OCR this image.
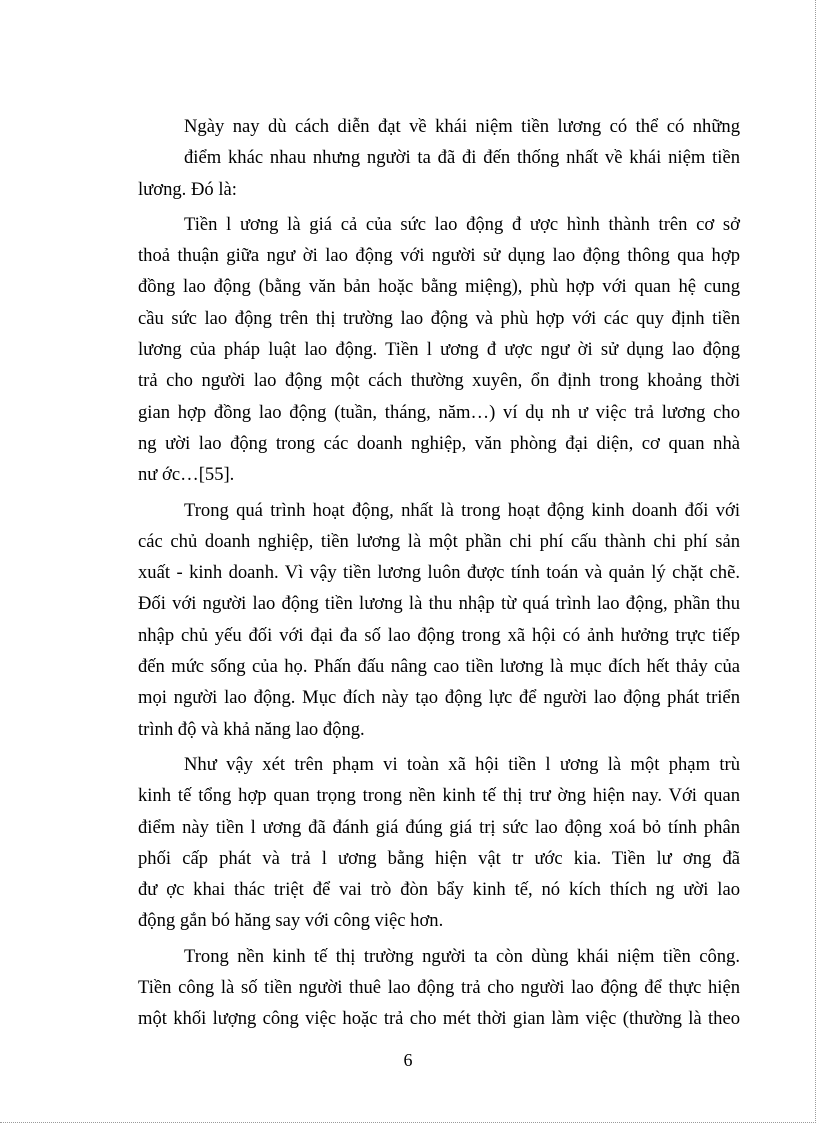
Ngày nay dù cách diễn đạt về khái niệm tiền lương có thể có những
điểm khác nhau nhưng người ta đã đi đến thống nhất về khái niệm tiền
lương. Đó là:

Tiền l ương là giá cả của sức lao động đ ược hình thành trên cơ sở
thoả thuận giữa ngư ời lao động với người sử dụng lao động thông qua hợp
đồng lao động (bằng văn bản hoặc bằng miệng), phù hợp với quan hệ cung
cầu sức lao động trên thị trường lao động và phù hợp với các quy định tiền
lương của pháp luật lao động. Tiền l ương đ ược ngư ời sử dụng lao động
trả cho người lao động một cách thường xuyên, ổn định trong khoảng thời
gian hợp đồng lao động (tuần, tháng, năm…) ví dụ nh ư việc trả lương cho
ng ười lao động trong các doanh nghiệp, văn phòng đại diện, cơ quan nhà
nư ớc…[55].

Trong quá trình hoạt động, nhất là trong hoạt động kinh doanh đối với
các chủ doanh nghiệp, tiền lương là một phần chi phí cấu thành chi phí sản
xuất - kinh doanh. Vì vậy tiền lương luôn được tính toán và quản lý chặt chẽ.
Đối với người lao động tiền lương là thu nhập từ quá trình lao động, phần thu
nhập chủ yếu đối với đại đa số lao động trong xã hội có ảnh hưởng trực tiếp
đến mức sống của họ. Phấn đấu nâng cao tiền lương là mục đích hết thảy của
mọi người lao động. Mục đích này tạo động lực để người lao động phát triển
trình độ và khả năng lao động.

Như vậy xét trên phạm vi toàn xã hội tiền l ương là một phạm trù
kinh tế tổng hợp quan trọng trong nền kinh tế thị trư ờng hiện nay. Với quan
điểm này tiền l ương đã đánh giá đúng giá trị sức lao động xoá bỏ tính phân
phối cấp phát và trả l ương bằng hiện vật tr ước kia. Tiền lư ơng đã
đư ợc khai thác triệt để vai trò đòn bẩy kinh tế, nó kích thích ng ười lao
động gắn bó hăng say với công việc hơn.

Trong nền kinh tế thị trường người ta còn dùng khái niệm tiền công.
Tiền công là số tiền người thuê lao động trả cho người lao động để thực hiện
một khối lượng công việc hoặc trả cho mét thời gian làm việc (thường là theo

6
